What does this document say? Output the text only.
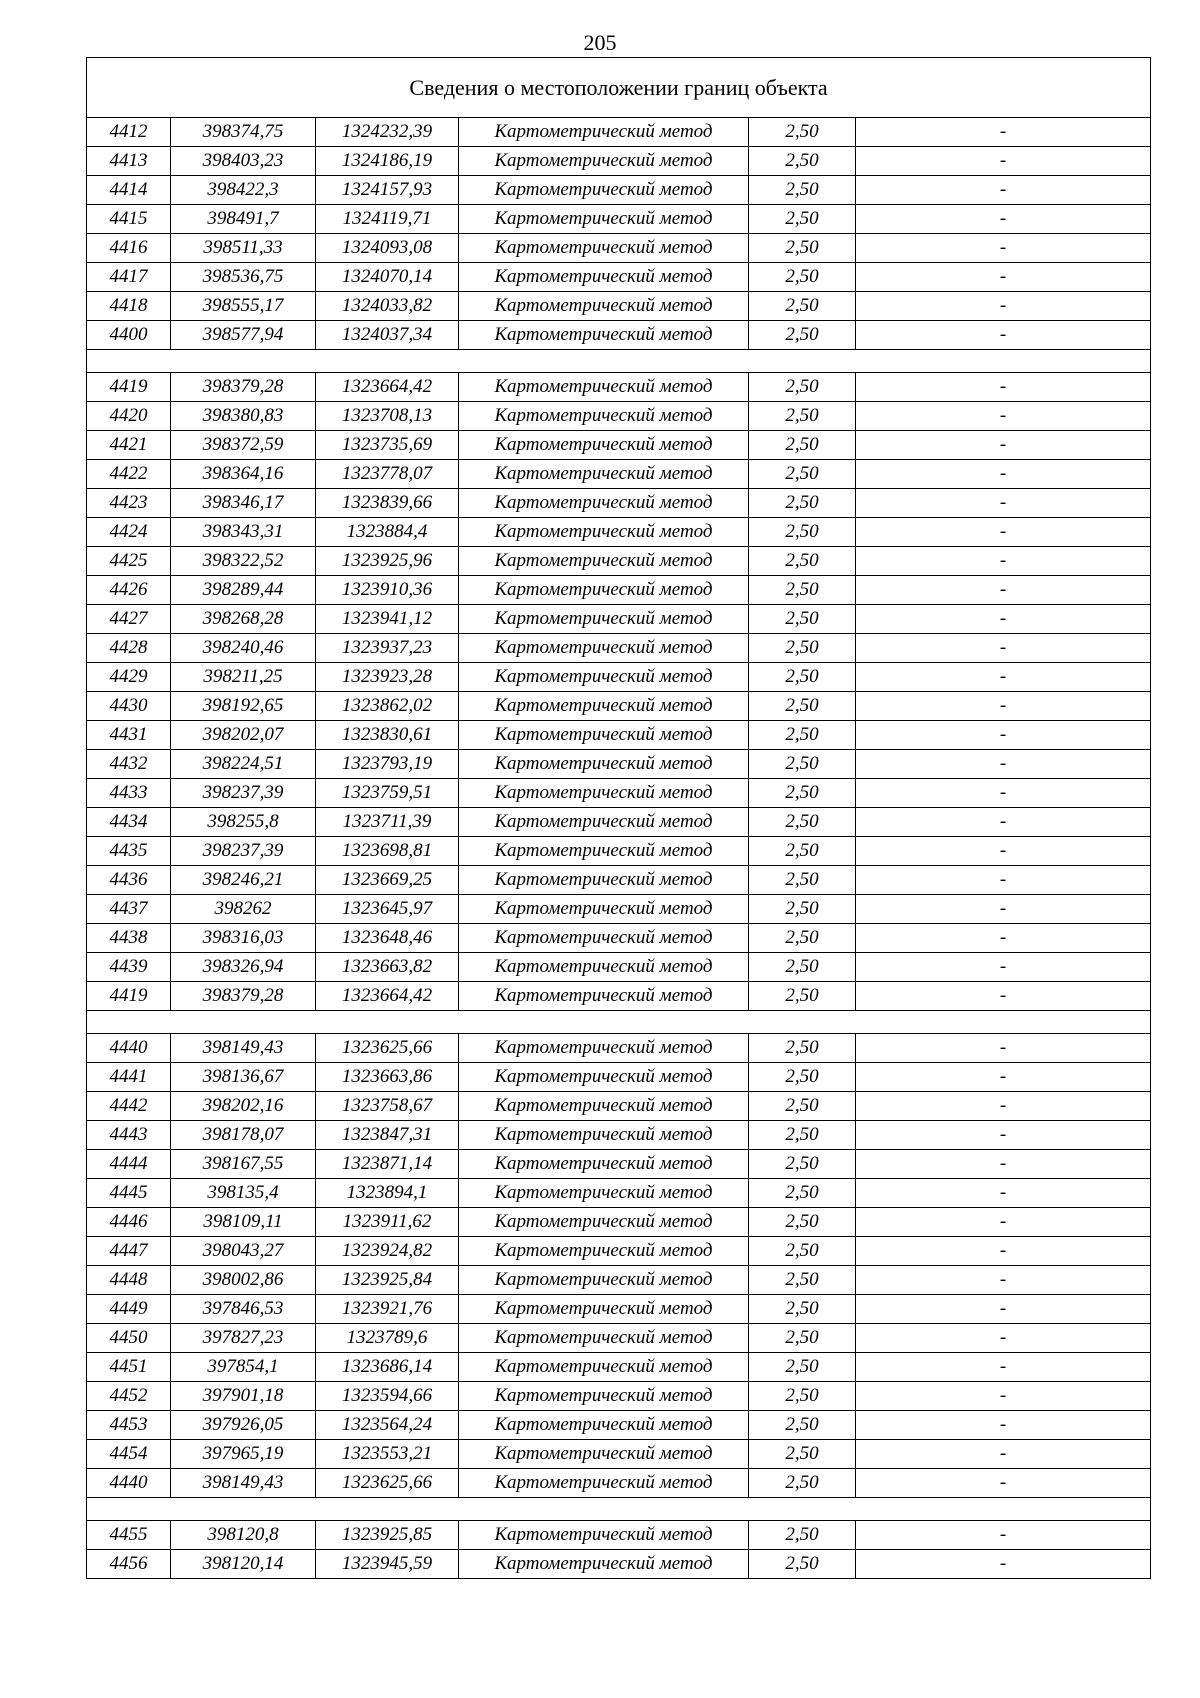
205
Сведения о местоположении границ объекта					
4412	398374,75	1324232,39	Картометрический метод	2,50	-
4413	398403,23	1324186,19	Картометрический метод	2,50	-
4414	398422,3	1324157,93	Картометрический метод	2,50	-
4415	398491,7	1324119,71	Картометрический метод	2,50	-
4416	398511,33	1324093,08	Картометрический метод	2,50	-
4417	398536,75	1324070,14	Картометрический метод	2,50	-
4418	398555,17	1324033,82	Картометрический метод	2,50	-
4400	398577,94	1324037,34	Картометрический метод	2,50	-

4419	398379,28	1323664,42	Картометрический метод	2,50	-
4420	398380,83	1323708,13	Картометрический метод	2,50	-
4421	398372,59	1323735,69	Картометрический метод	2,50	-
4422	398364,16	1323778,07	Картометрический метод	2,50	-
4423	398346,17	1323839,66	Картометрический метод	2,50	-
4424	398343,31	1323884,4	Картометрический метод	2,50	-
4425	398322,52	1323925,96	Картометрический метод	2,50	-
4426	398289,44	1323910,36	Картометрический метод	2,50	-
4427	398268,28	1323941,12	Картометрический метод	2,50	-
4428	398240,46	1323937,23	Картометрический метод	2,50	-
4429	398211,25	1323923,28	Картометрический метод	2,50	-
4430	398192,65	1323862,02	Картометрический метод	2,50	-
4431	398202,07	1323830,61	Картометрический метод	2,50	-
4432	398224,51	1323793,19	Картометрический метод	2,50	-
4433	398237,39	1323759,51	Картометрический метод	2,50	-
4434	398255,8	1323711,39	Картометрический метод	2,50	-
4435	398237,39	1323698,81	Картометрический метод	2,50	-
4436	398246,21	1323669,25	Картометрический метод	2,50	-
4437	398262	1323645,97	Картометрический метод	2,50	-
4438	398316,03	1323648,46	Картометрический метод	2,50	-
4439	398326,94	1323663,82	Картометрический метод	2,50	-
4419	398379,28	1323664,42	Картометрический метод	2,50	-

4440	398149,43	1323625,66	Картометрический метод	2,50	-
4441	398136,67	1323663,86	Картометрический метод	2,50	-
4442	398202,16	1323758,67	Картометрический метод	2,50	-
4443	398178,07	1323847,31	Картометрический метод	2,50	-
4444	398167,55	1323871,14	Картометрический метод	2,50	-
4445	398135,4	1323894,1	Картометрический метод	2,50	-
4446	398109,11	1323911,62	Картометрический метод	2,50	-
4447	398043,27	1323924,82	Картометрический метод	2,50	-
4448	398002,86	1323925,84	Картометрический метод	2,50	-
4449	397846,53	1323921,76	Картометрический метод	2,50	-
4450	397827,23	1323789,6	Картометрический метод	2,50	-
4451	397854,1	1323686,14	Картометрический метод	2,50	-
4452	397901,18	1323594,66	Картометрический метод	2,50	-
4453	397926,05	1323564,24	Картометрический метод	2,50	-
4454	397965,19	1323553,21	Картометрический метод	2,50	-
4440	398149,43	1323625,66	Картометрический метод	2,50	-

4455	398120,8	1323925,85	Картометрический метод	2,50	-
4456	398120,14	1323945,59	Картометрический метод	2,50	-
